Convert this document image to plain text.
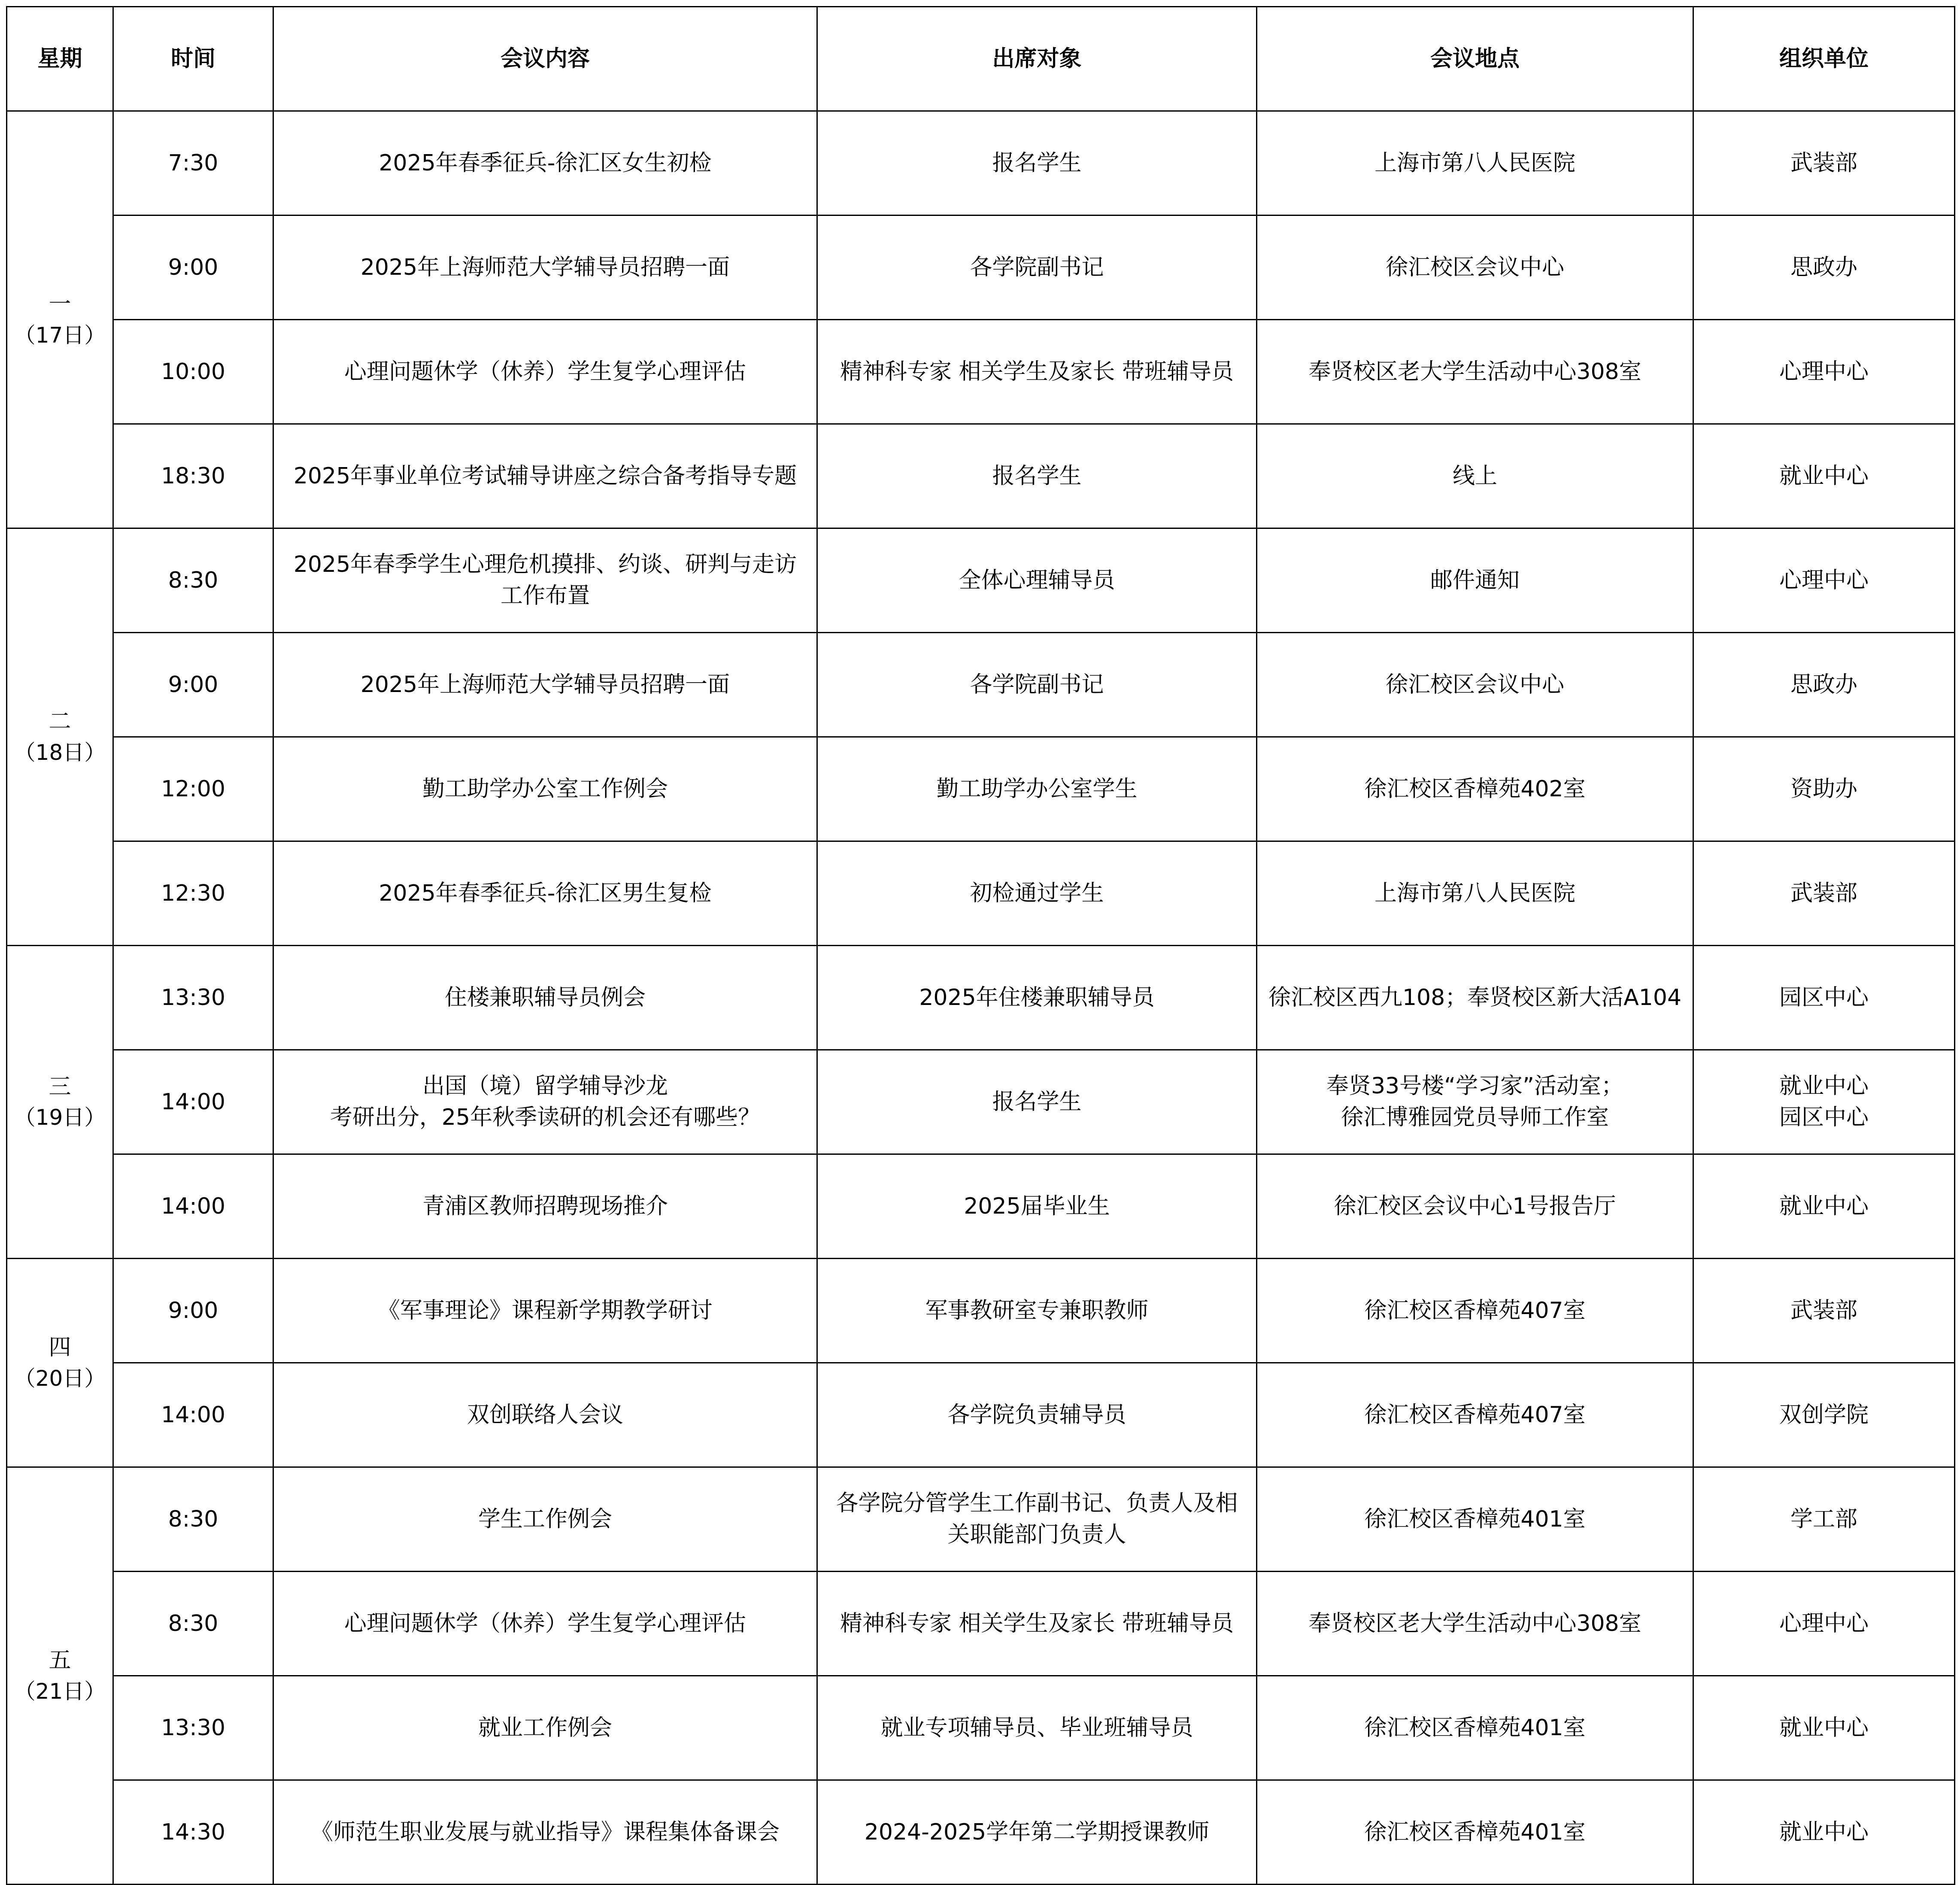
星期	时间	会议内容	出席对象	会议地点	组织单位

一
（17日）	7:30	2025年春季征兵-徐汇区女生初检	报名学生	上海市第八人民医院	武装部

	9:00	2025年上海师范大学辅导员招聘一面	各学院副书记	徐汇校区会议中心	思政办

	10:00	心理问题休学（休养）学生复学心理评估	精神科专家 相关学生及家长 带班辅导员	奉贤校区老大学生活动中心308室	心理中心

	18:30	2025年事业单位考试辅导讲座之综合备考指导专题	报名学生	线上	就业中心

二
（18日）	8:30	2025年春季学生心理危机摸排、约谈、研判与走访
工作布置	全体心理辅导员	邮件通知	心理中心

	9:00	2025年上海师范大学辅导员招聘一面	各学院副书记	徐汇校区会议中心	思政办

	12:00	勤工助学办公室工作例会	勤工助学办公室学生	徐汇校区香樟苑402室	资助办

	12:30	2025年春季征兵-徐汇区男生复检	初检通过学生	上海市第八人民医院	武装部

三
（19日）	13:30	住楼兼职辅导员例会	2025年住楼兼职辅导员	徐汇校区西九108；奉贤校区新大活A104	园区中心

	14:00	出国（境）留学辅导沙龙
考研出分，25年秋季读研的机会还有哪些？	报名学生	奉贤33号楼“学习家”活动室；
徐汇博雅园党员导师工作室	就业中心
园区中心

	14:00	青浦区教师招聘现场推介	2025届毕业生	徐汇校区会议中心1号报告厅	就业中心

四
（20日）	9:00	《军事理论》课程新学期教学研讨	军事教研室专兼职教师	徐汇校区香樟苑407室	武装部

	14:00	双创联络人会议	各学院负责辅导员	徐汇校区香樟苑407室	双创学院

五
（21日）	8:30	学生工作例会	各学院分管学生工作副书记、负责人及相
关职能部门负责人	徐汇校区香樟苑401室	学工部

	8:30	心理问题休学（休养）学生复学心理评估	精神科专家 相关学生及家长 带班辅导员	奉贤校区老大学生活动中心308室	心理中心

	13:30	就业工作例会	就业专项辅导员、毕业班辅导员	徐汇校区香樟苑401室	就业中心

	14:30	《师范生职业发展与就业指导》课程集体备课会	2024-2025学年第二学期授课教师	徐汇校区香樟苑401室	就业中心
